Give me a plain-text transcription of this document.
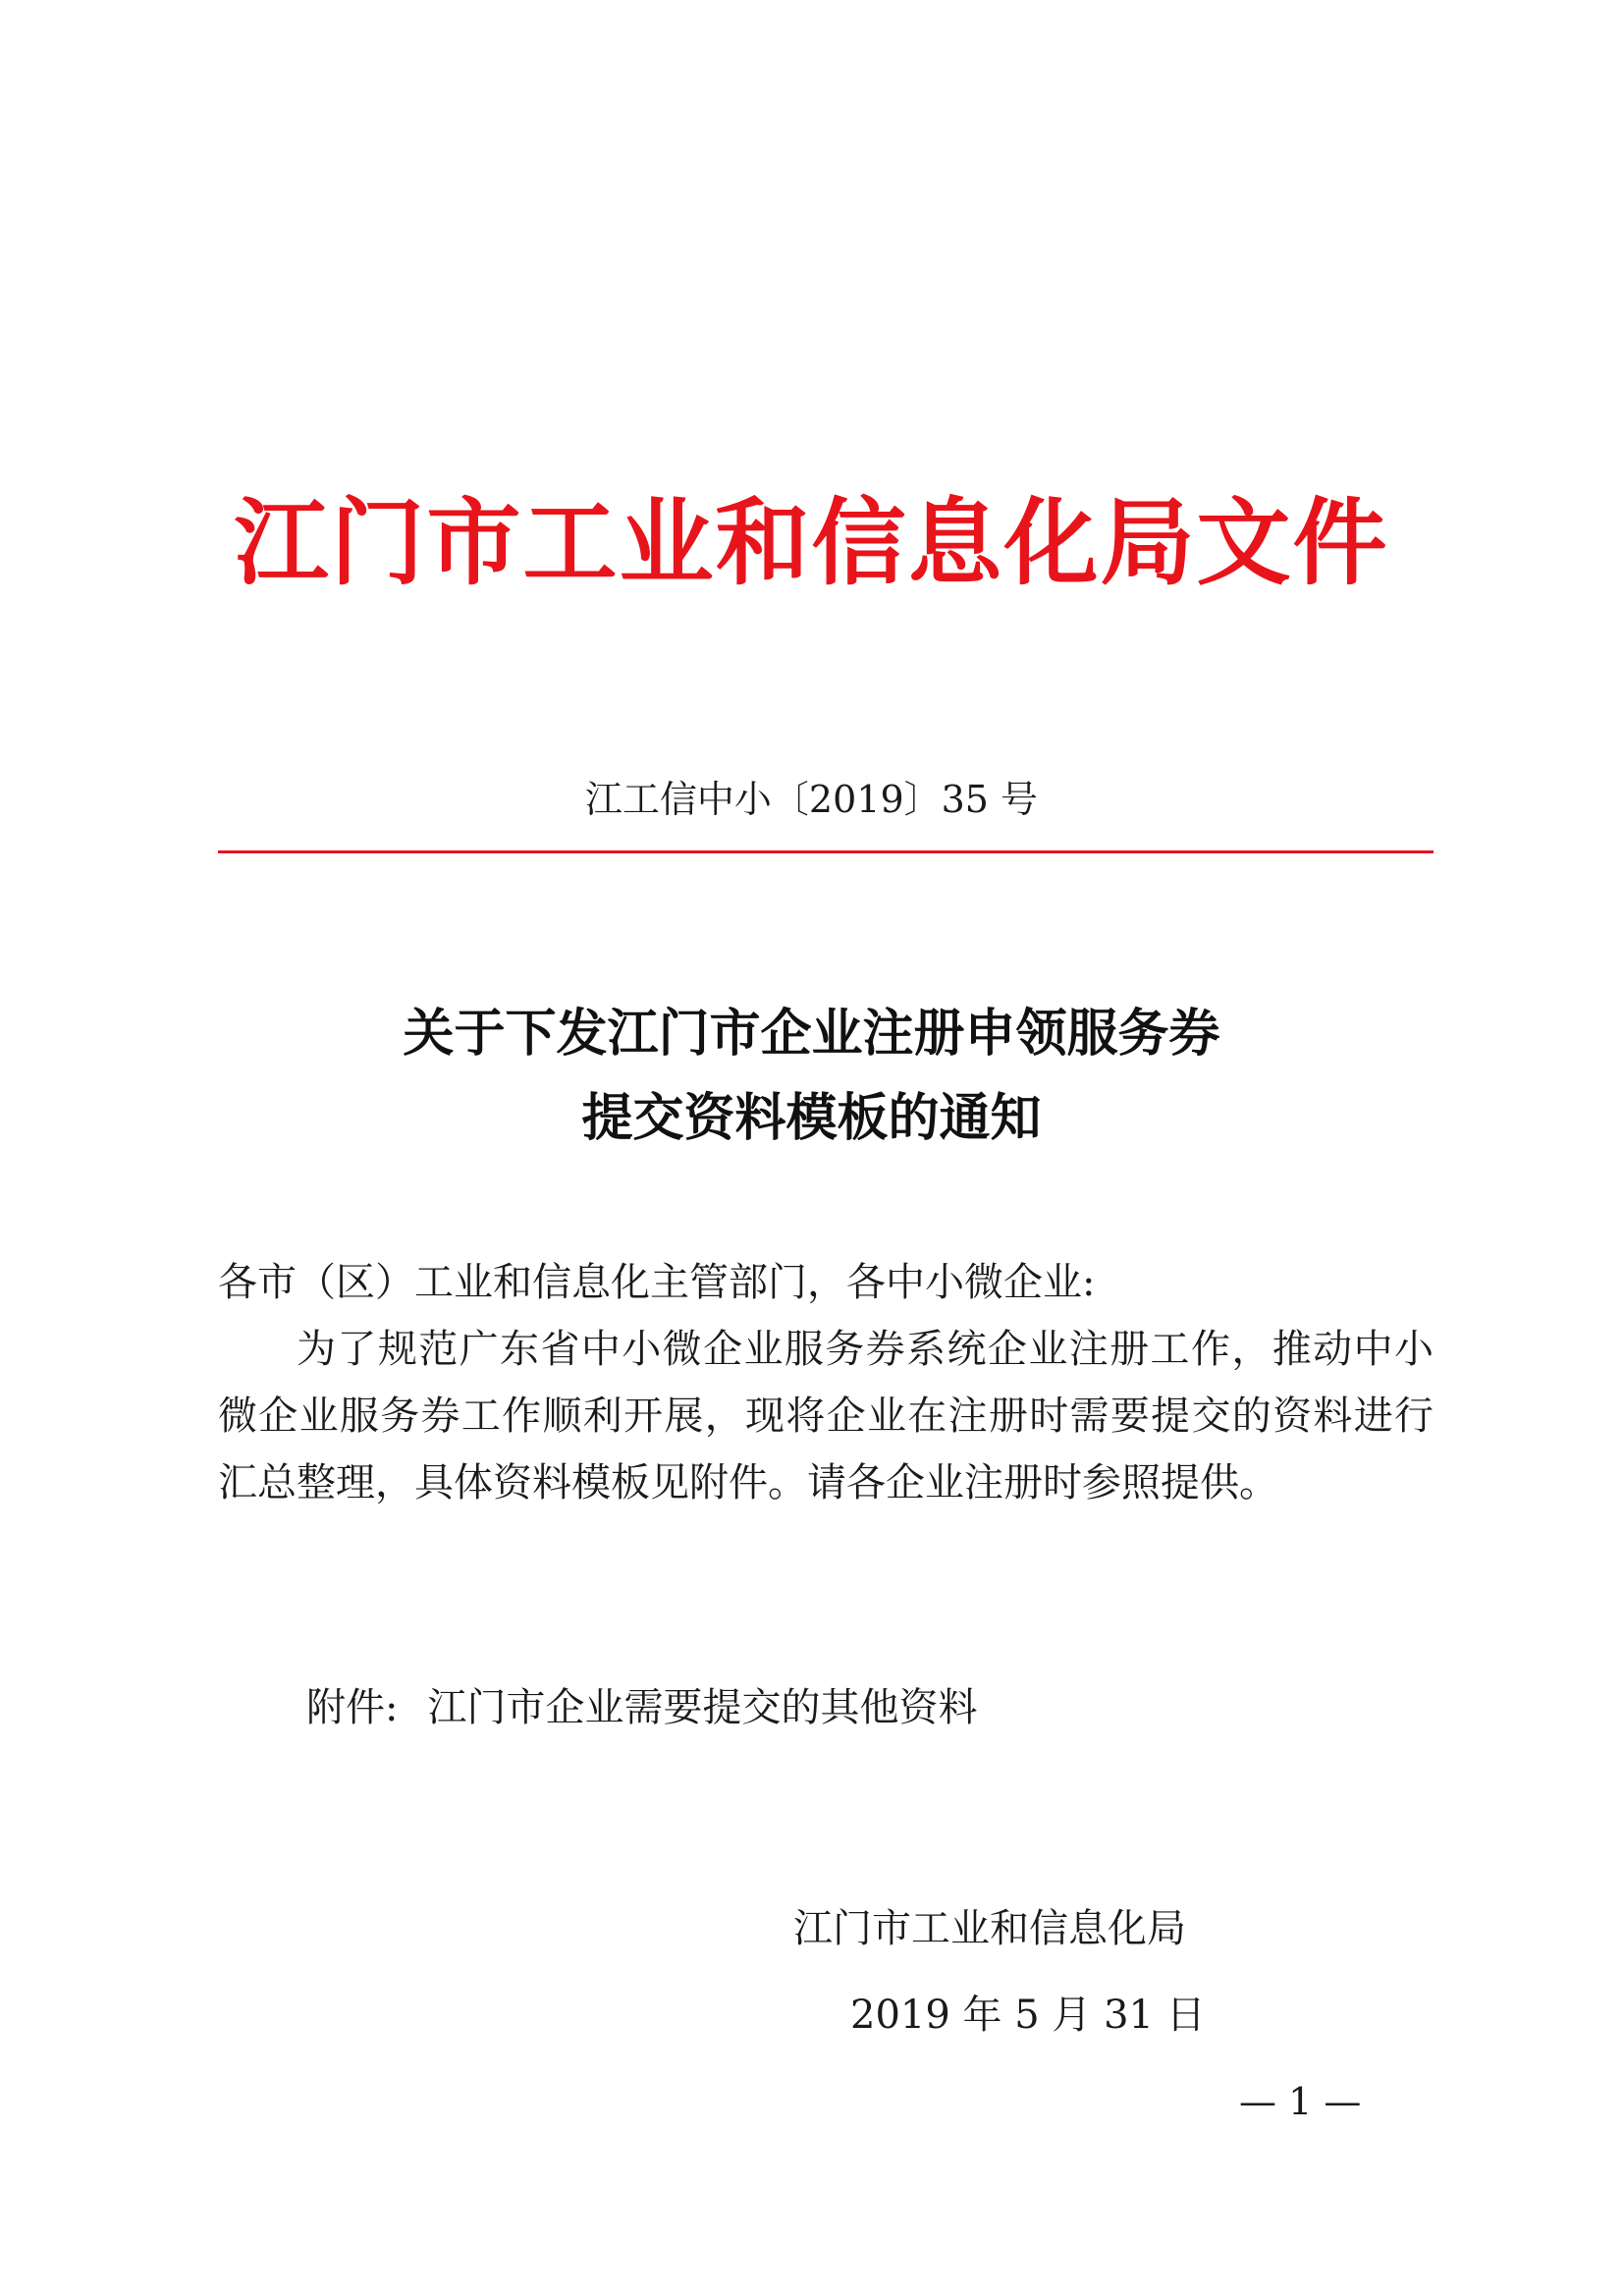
江门市工业和信息化局文件
江工信中小〔2019〕35 号
关于下发江门市企业注册申领服务券
提交资料模板的通知

各市（区）工业和信息化主管部门，各中小微企业:

为了规范广东省中小微企业服务券系统企业注册工作，推动中小微企业服务券工作顺利开展，现将企业在注册时需要提交的资料进行汇总整理，具体资料模板见附件。请各企业注册时参照提供。

附件: 江门市企业需要提交的其他资料
江门市工业和信息化局
2019 年 5 月 31 日
— 1 —
